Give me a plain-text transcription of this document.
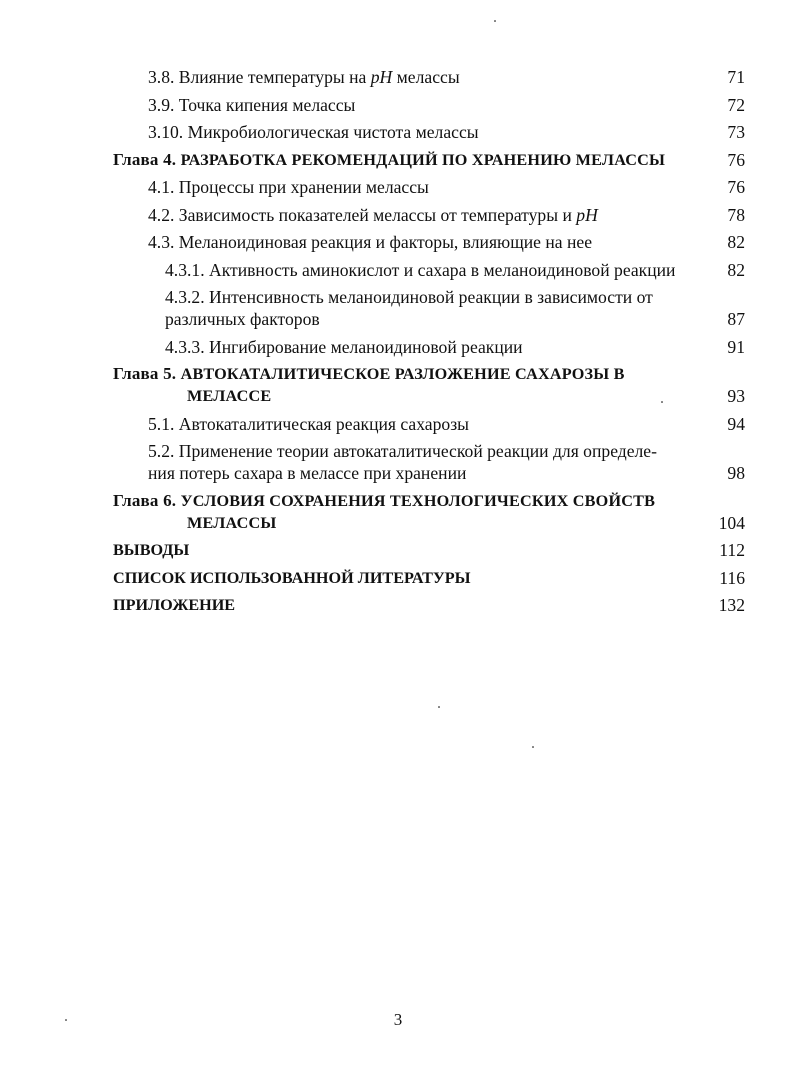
3.8. Влияние температуры на pH мелассы	71
3.9. Точка кипения мелассы	72
3.10. Микробиологическая чистота мелассы	73
Глава 4. РАЗРАБОТКА РЕКОМЕНДАЦИЙ ПО ХРАНЕНИЮ МЕЛАССЫ	76
4.1. Процессы при хранении мелассы	76
4.2. Зависимость показателей мелассы от температуры и pH	78
4.3. Меланоидиновая реакция и факторы, влияющие на нее	82
4.3.1. Активность аминокислот и сахара в меланоидиновой реакции	82
4.3.2. Интенсивность меланоидиновой реакции в зависимости от
различных факторов	87
4.3.3. Ингибирование меланоидиновой реакции	91
Глава 5. АВТОКАТАЛИТИЧЕСКОЕ РАЗЛОЖЕНИЕ САХАРОЗЫ В
МЕЛАССЕ	93
5.1. Автокаталитическая реакция сахарозы	94
5.2. Применение теории автокаталитической реакции для определе-
ния потерь сахара в мелассе при хранении	98
Глава 6. УСЛОВИЯ СОХРАНЕНИЯ ТЕХНОЛОГИЧЕСКИХ СВОЙСТВ
МЕЛАССЫ	104
ВЫВОДЫ	112
СПИСОК ИСПОЛЬЗОВАННОЙ ЛИТЕРАТУРЫ	116
ПРИЛОЖЕНИЕ	132
3
